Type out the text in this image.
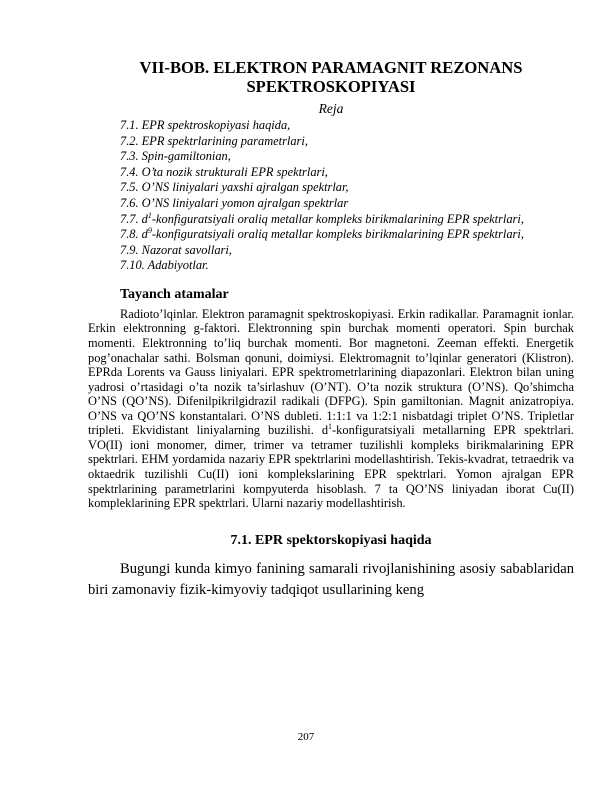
VII-BOB. ELEKTRON PARAMAGNIT REZONANS
SPEKTROSKOPIYASI
Reja
7.1. EPR spektroskopiyasi haqida,
7.2. EPR spektrlarining parametrlari,
7.3. Spin-gamiltonian,
7.4. O’ta nozik strukturali EPR spektrlari,
7.5. O’NS liniyalari yaxshi ajralgan spektrlar,
7.6. O’NS liniyalari yomon ajralgan spektrlar
7.7. $d^1$-konfiguratsiyali oraliq metallar kompleks birikmalarining EPR spektrlari,
7.8. $d^9$-konfiguratsiyali oraliq metallar kompleks birikmalarining EPR spektrlari,
7.9. Nazorat savollari,
7.10. Adabiyotlar.
Tayanch atamalar

Radioto’lqinlar. Elektron paramagnit spektroskopiyasi. Erkin radikallar. Paramagnit ionlar. Erkin elektronning g-faktori. Elektronning spin burchak momenti operatori. Spin burchak momenti. Elektronning to’liq burchak momenti. Bor magnetoni. Zeeman effekti. Energetik pog’onachalar sathi. Bolsman qonuni, doimiysi. Elektromagnit to’lqinlar generatori (Klistron). EPRda Lorents va Gauss liniyalari. EPR spektrometrlarining diapazonlari. Elektron bilan uning yadrosi o’rtasidagi o’ta nozik ta’sirlashuv (O’NT). O’ta nozik struktura (O’NS). Qo’shimcha O’NS (QO’NS). Difenilpikrilgidrazil radikali (DFPG). Spin gamiltonian. Magnit anizatropiya. O’NS va QO’NS konstantalari. O’NS dubleti. 1:1:1 va 1:2:1 nisbatdagi triplet O’NS. Tripletlar tripleti. Ekvidistant liniyalarning buzilishi. $d^1$-konfiguratsiyali metallarning EPR spektrlari. VO(II) ioni monomer, dimer, trimer va tetramer tuzilishli kompleks birikmalarining EPR spektrlari. EHM yordamida nazariy EPR spektrlarini modellashtirish. Tekis-kvadrat, tetraedrik va oktaedrik tuzilishli Cu(II) ioni komplekslarining EPR spektrlari. Yomon ajralgan EPR spektrlarining parametrlarini kompyuterda hisoblash. 7 ta QO’NS liniyadan iborat Cu(II) kompleklarining EPR spektrlari. Ularni nazariy modellashtirish.

7.1. EPR spektorskopiyasi haqida

Bugungi kunda kimyo fanining samarali rivojlanishining asosiy sabablaridan biri zamonaviy fizik-kimyoviy tadqiqot usullarining keng

207
